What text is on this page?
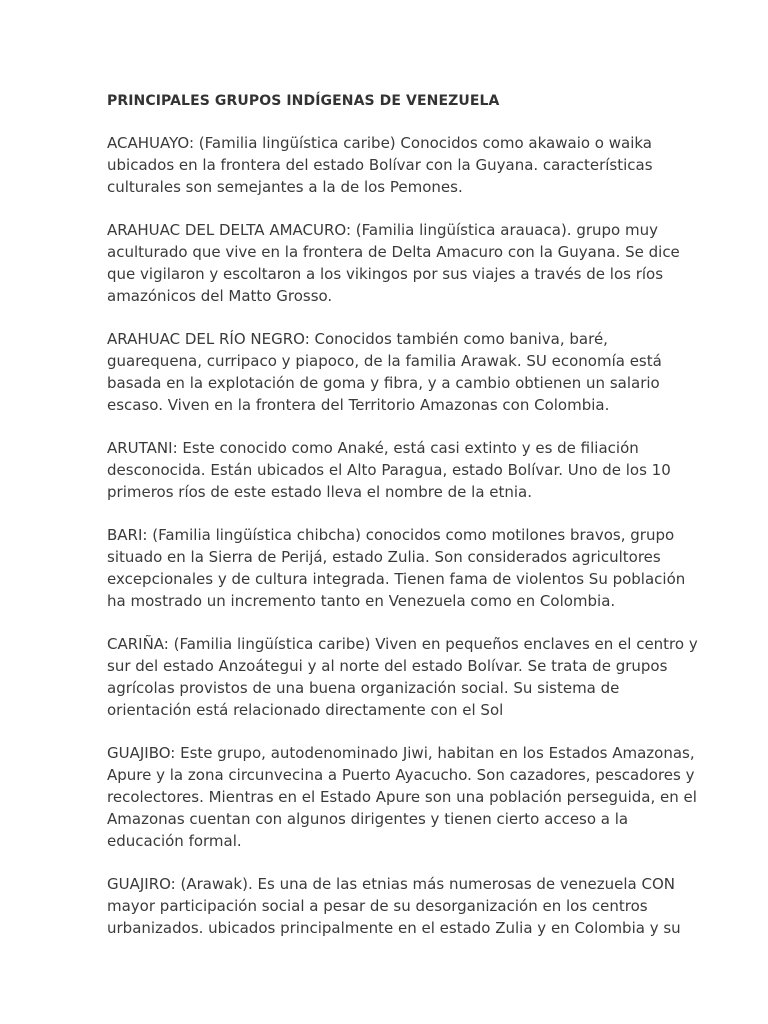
PRINCIPALES GRUPOS INDÍGENAS DE VENEZUELA
ACAHUAYO: (Familia lingüística caribe) Conocidos como akawaio o waika
ubicados en la frontera del estado Bolívar con la Guyana. características
culturales son semejantes a la de los Pemones.
ARAHUAC DEL DELTA AMACURO: (Familia lingüística arauaca). grupo muy
aculturado que vive en la frontera de Delta Amacuro con la Guyana. Se dice
que vigilaron y escoltaron a los vikingos por sus viajes a través de los ríos
amazónicos del Matto Grosso.
ARAHUAC DEL RÍO NEGRO: Conocidos también como baniva, baré,
guarequena, curripaco y piapoco, de la familia Arawak. SU economía está
basada en la explotación de goma y fibra, y a cambio obtienen un salario
escaso. Viven en la frontera del Territorio Amazonas con Colombia.
ARUTANI: Este conocido como Anaké, está casi extinto y es de filiación
desconocida. Están ubicados el Alto Paragua, estado Bolívar. Uno de los 10
primeros ríos de este estado lleva el nombre de la etnia.
BARI: (Familia lingüística chibcha) conocidos como motilones bravos, grupo
situado en la Sierra de Perijá, estado Zulia. Son considerados agricultores
excepcionales y de cultura integrada. Tienen fama de violentos Su población
ha mostrado un incremento tanto en Venezuela como en Colombia.
CARIÑA: (Familia lingüística caribe) Viven en pequeños enclaves en el centro y
sur del estado Anzoátegui y al norte del estado Bolívar. Se trata de grupos
agrícolas provistos de una buena organización social. Su sistema de
orientación está relacionado directamente con el Sol
GUAJIBO: Este grupo, autodenominado Jiwi, habitan en los Estados Amazonas,
Apure y la zona circunvecina a Puerto Ayacucho. Son cazadores, pescadores y
recolectores. Mientras en el Estado Apure son una población perseguida, en el
Amazonas cuentan con algunos dirigentes y tienen cierto acceso a la
educación formal.
GUAJIRO: (Arawak). Es una de las etnias más numerosas de venezuela CON
mayor participación social a pesar de su desorganización en los centros
urbanizados. ubicados principalmente en el estado Zulia y en Colombia y su
